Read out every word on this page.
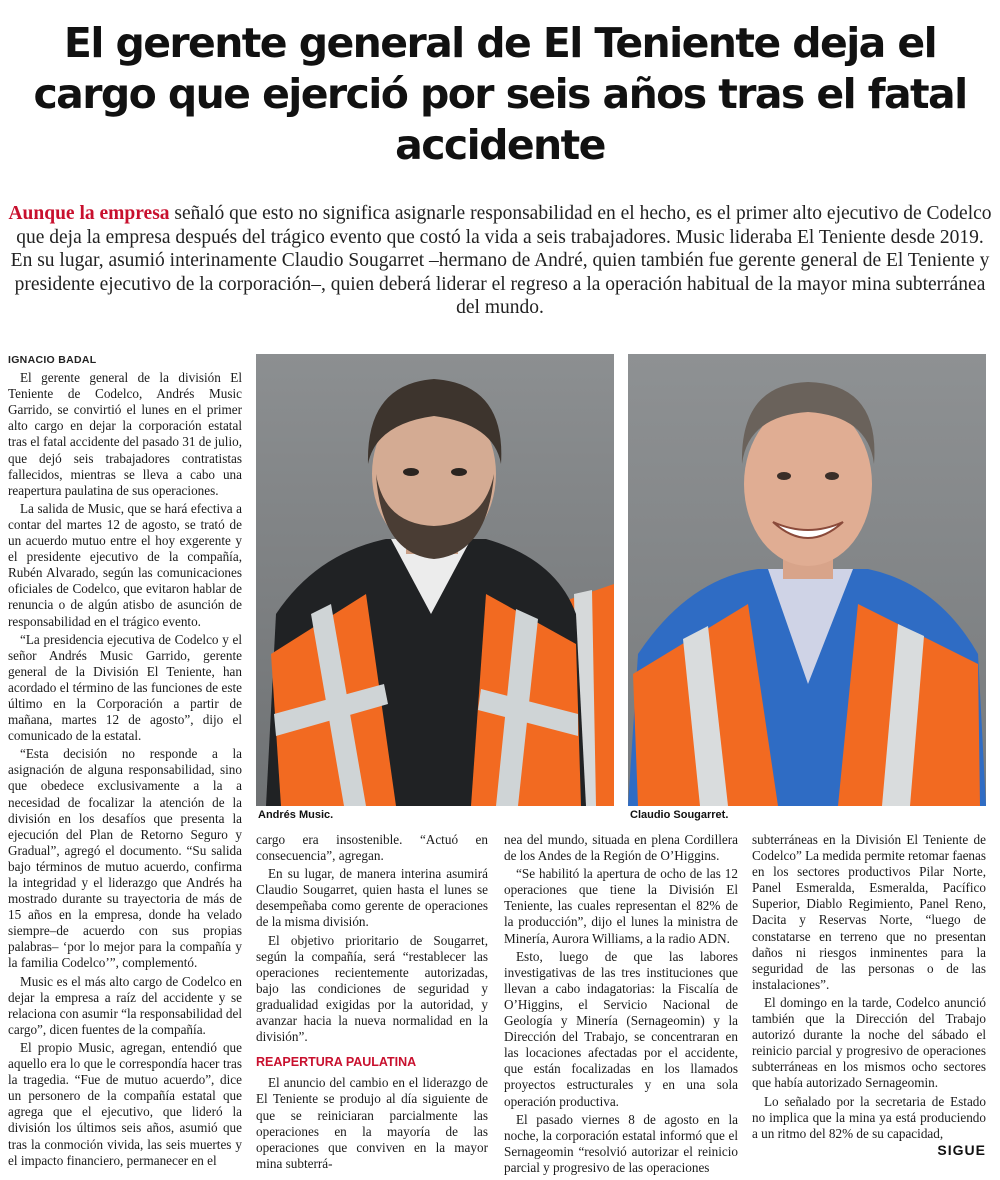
El gerente general de El Teniente deja el cargo que ejerció por seis años tras el fatal accidente
Aunque la empresa señaló que esto no significa asignarle responsabilidad en el hecho, es el primer alto ejecutivo de Codelco que deja la empresa después del trágico evento que costó la vida a seis trabajadores. Music lideraba El Teniente desde 2019. En su lugar, asumió interinamente Claudio Sougarret –hermano de André, quien también fue gerente general de El Teniente y presidente ejecutivo de la corporación–, quien deberá liderar el regreso a la operación habitual de la mayor mina subterránea del mundo.
IGNACIO BADAL

El gerente general de la división El Teniente de Codelco, Andrés Music Garrido, se convirtió el lunes en el primer alto cargo en dejar la corporación estatal tras el fatal accidente del pasado 31 de julio, que dejó seis trabajadores contratistas fallecidos, mientras se lleva a cabo una reapertura paulatina de sus operaciones.

La salida de Music, que se hará efectiva a contar del martes 12 de agosto, se trató de un acuerdo mutuo entre el hoy exgerente y el presidente ejecutivo de la compañía, Rubén Alvarado, según las comunicaciones oficiales de Codelco, que evitaron hablar de renuncia o de algún atisbo de asunción de responsabilidad en el trágico evento.

“La presidencia ejecutiva de Codelco y el señor Andrés Music Garrido, gerente general de la División El Teniente, han acordado el término de las funciones de este último en la Corporación a partir de mañana, martes 12 de agosto”, dijo el comunicado de la estatal.

“Esta decisión no responde a la asignación de alguna responsabilidad, sino que obedece exclusivamente a la a necesidad de focalizar la atención de la división en los desafíos que presenta la ejecución del Plan de Retorno Seguro y Gradual”, agregó el documento. “Su salida bajo términos de mutuo acuerdo, confirma la integridad y el liderazgo que Andrés ha mostrado durante su trayectoria de más de 15 años en la empresa, donde ha velado siempre–de acuerdo con sus propias palabras– ‘por lo mejor para la compañía y la familia Codelco’”, complementó.

Music es el más alto cargo de Codelco en dejar la empresa a raíz del accidente y se relaciona con asumir “la responsabilidad del cargo”, dicen fuentes de la compañía.

El propio Music, agregan, entendió que aquello era lo que le correspondía hacer tras la tragedia. “Fue de mutuo acuerdo”, dice un personero de la compañía estatal que agrega que el ejecutivo, que lideró la división los últimos seis años, asumió que tras la conmoción vivida, las seis muertes y el impacto financiero, permanecer en el

Andrés Music.	Claudio Sougarret.

cargo era insostenible. “Actuó en consecuencia”, agregan.

En su lugar, de manera interina asumirá Claudio Sougarret, quien hasta el lunes se desempeñaba como gerente de operaciones de la misma división.

El objetivo prioritario de Sougarret, según la compañía, será “restablecer las operaciones recientemente autorizadas, bajo las condiciones de seguridad y gradualidad exigidas por la autoridad, y avanzar hacia la nueva normalidad en la división”.

REAPERTURA PAULATINA

El anuncio del cambio en el liderazgo de El Teniente se produjo al día siguiente de que se reiniciaran parcialmente las operaciones en la mayoría de las operaciones que conviven en la mayor mina subterrá-

nea del mundo, situada en plena Cordillera de los Andes de la Región de O’Higgins.

“Se habilitó la apertura de ocho de las 12 operaciones que tiene la División El Teniente, las cuales representan el 82% de la producción”, dijo el lunes la ministra de Minería, Aurora Williams, a la radio ADN.

Esto, luego de que las labores investigativas de las tres instituciones que llevan a cabo indagatorias: la Fiscalía de O’Higgins, el Servicio Nacional de Geología y Minería (Sernageomin) y la Dirección del Trabajo, se concentraran en las locaciones afectadas por el accidente, que están focalizadas en los llamados proyectos estructurales y en una sola operación productiva.

El pasado viernes 8 de agosto en la noche, la corporación estatal informó que el Sernageomin “resolvió autorizar el reinicio parcial y progresivo de las operaciones

subterráneas en la División El Teniente de Codelco” La medida permite retomar faenas en los sectores productivos Pilar Norte, Panel Esmeralda, Esmeralda, Pacífico Superior, Diablo Regimiento, Panel Reno, Dacita y Reservas Norte, “luego de constatarse en terreno que no presentan daños ni riesgos inminentes para la seguridad de las personas o de las instalaciones”.

El domingo en la tarde, Codelco anunció también que la Dirección del Trabajo autorizó durante la noche del sábado el reinicio parcial y progresivo de operaciones subterráneas en los mismos ocho sectores que había autorizado Sernageomin.

Lo señalado por la secretaria de Estado no implica que la mina ya está produciendo a un ritmo del 82% de su capacidad,

SIGUE
